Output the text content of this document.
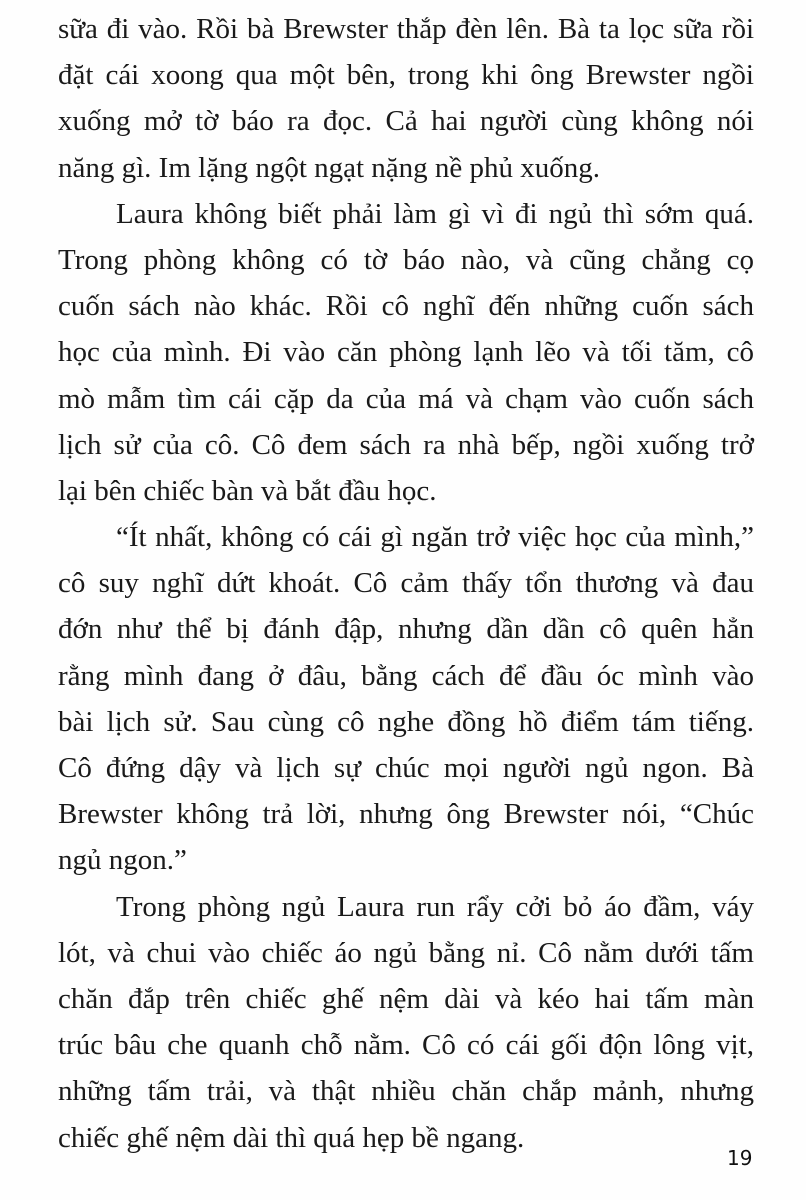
sữa đi vào. Rồi bà Brewster thắp đèn lên. Bà ta lọc sữa rồi
đặt cái xoong qua một bên, trong khi ông Brewster ngồi
xuống mở tờ báo ra đọc. Cả hai người cùng không nói
năng gì. Im lặng ngột ngạt nặng nề phủ xuống.
Laura không biết phải làm gì vì đi ngủ thì sớm quá.
Trong phòng không có tờ báo nào, và cũng chẳng cọ
cuốn sách nào khác. Rồi cô nghĩ đến những cuốn sách
học của mình. Đi vào căn phòng lạnh lẽo và tối tăm, cô
mò mẫm tìm cái cặp da của má và chạm vào cuốn sách
lịch sử của cô. Cô đem sách ra nhà bếp, ngồi xuống trở
lại bên chiếc bàn và bắt đầu học.
“Ít nhất, không có cái gì ngăn trở việc học của mình,”
cô suy nghĩ dứt khoát. Cô cảm thấy tổn thương và đau
đớn như thể bị đánh đập, nhưng dần dần cô quên hẳn
rằng mình đang ở đâu, bằng cách để đầu óc mình vào
bài lịch sử. Sau cùng cô nghe đồng hồ điểm tám tiếng.
Cô đứng dậy và lịch sự chúc mọi người ngủ ngon. Bà
Brewster không trả lời, nhưng ông Brewster nói, “Chúc
ngủ ngon.”
Trong phòng ngủ Laura run rẩy cởi bỏ áo đầm, váy
lót, và chui vào chiếc áo ngủ bằng nỉ. Cô nằm dưới tấm
chăn đắp trên chiếc ghế nệm dài và kéo hai tấm màn
trúc bâu che quanh chỗ nằm. Cô có cái gối độn lông vịt,
những tấm trải, và thật nhiều chăn chắp mảnh, nhưng
chiếc ghế nệm dài thì quá hẹp bề ngang.
19
